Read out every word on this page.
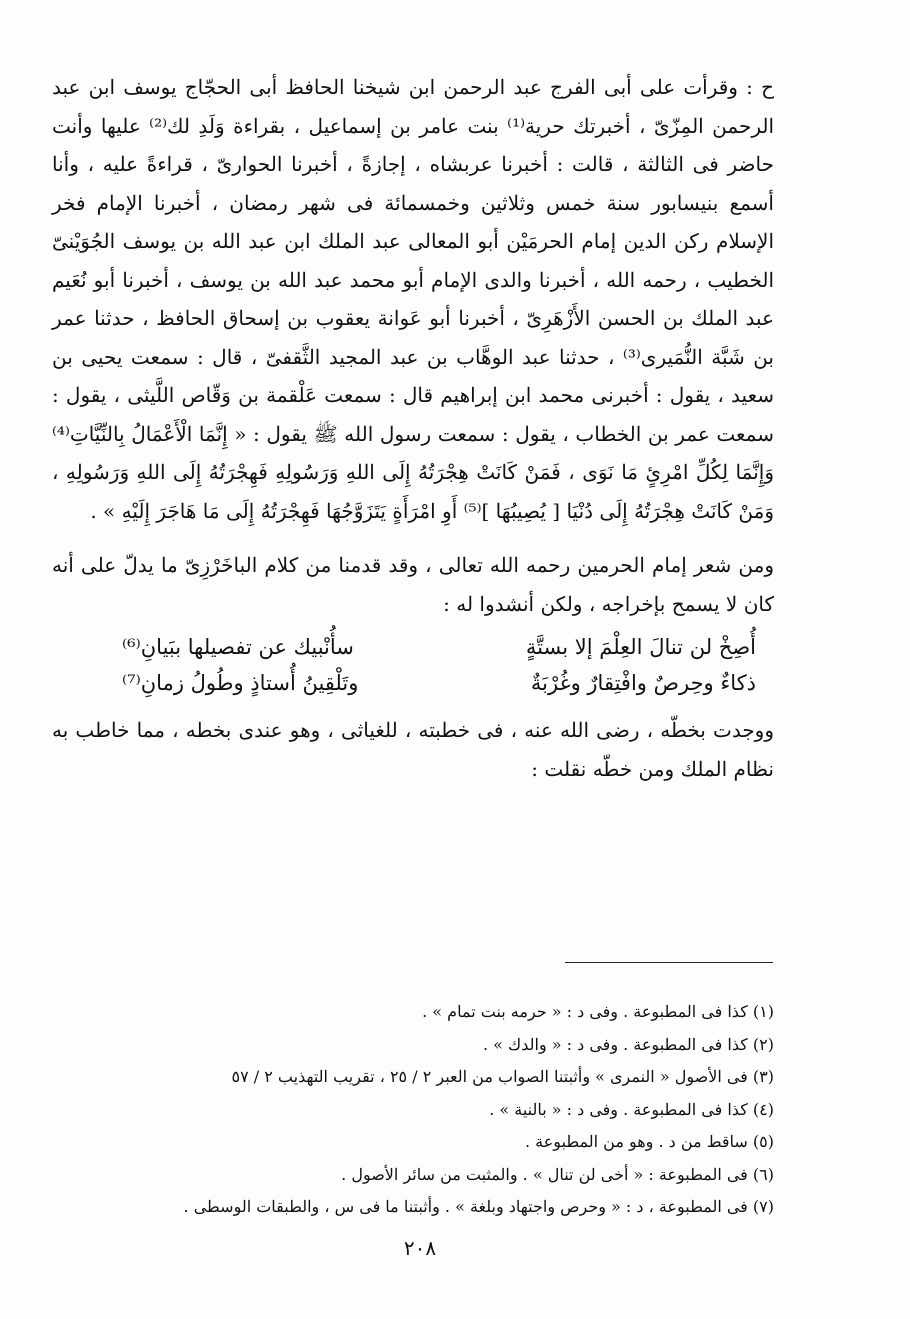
ح : وقرأت على أبى الفرج عبد الرحمن ابن شيخنا الحافظ أبى الحجّاج يوسف ابن عبد الرحمن المِزّىّ ، أخبرتك حرية⁽¹⁾ بنت عامر بن إسماعيل ، بقراءة وَلَدِ لك⁽²⁾ عليها وأنت حاضر فى الثالثة ، قالت : أخبرنا عربشاه ، إجازةً ، أخبرنا الحوارىّ ، قراءةً عليه ، وأنا أسمع بنيسابور سنة خمس وثلاثين وخمسمائة فى شهر رمضان ، أخبرنا الإمام فخر الإسلام ركن الدين إمام الحرمَيْن أبو المعالى عبد الملك ابن عبد الله بن يوسف الجُوَيْنىّ الخطيب ، رحمه الله ، أخبرنا والدى الإمام أبو محمد عبد الله بن يوسف ، أخبرنا أبو نُعَيم عبد الملك بن الحسن الأَزْهَرِىّ ، أخبرنا أبو عَوانة يعقوب بن إسحاق الحافظ ، حدثنا عمر بن شَبَّة النُّمَيرى⁽³⁾ ، حدثنا عبد الوهَّاب بن عبد المجيد الثَّقفىّ ، قال : سمعت يحيى بن سعيد ، يقول : أخبرنى محمد ابن إبراهيم قال : سمعت عَلْقمة بن وَقّاص اللَّيثى ، يقول : سمعت عمر بن الخطاب ، يقول : سمعت رسول الله ﷺ يقول : « إِنَّمَا الْأَعْمَالُ بِالنِّيَّاتِ⁽⁴⁾ وَإِنَّمَا لِكُلِّ امْرِئٍ مَا نَوَى ، فَمَنْ كَانَتْ هِجْرَتُهُ إِلَى اللهِ وَرَسُولِهِ فَهِجْرَتُهُ إِلَى اللهِ وَرَسُولِهِ ، وَمَنْ كَانَتْ هِجْرَتُهُ إِلَى دُنْيَا [ يُصِيبُهَا ]⁽⁵⁾ أَوِ امْرَأَةٍ يَتَزَوَّجُهَا فَهِجْرَتُهُ إِلَى مَا هَاجَرَ إِلَيْهِ » .

ومن شعر إمام الحرمين رحمه الله تعالى ، وقد قدمنا من كلام الباخَرْزِىّ ما يدلّ على أنه كان لا يسمح بإخراجه ، ولكن أنشدوا له :

أُصِخْ لن تنالَ العِلْمَ إلا بستَّةٍ
سأُنْبيك عن تفصيلها ببَيانِ⁽⁶⁾
ذكاءٌ وحِرصٌ وافْتِقارٌ وغُرْبَةٌ
وتَلْقِينُ أُستاذٍ وطُولُ زمانِ⁽⁷⁾

ووجدت بخطّه ، رضى الله عنه ، فى خطبته ، للغياثى ، وهو عندى بخطه ، مما خاطب به نظام الملك ومن خطّه نقلت :

(١) كذا فى المطبوعة . وفى د : « حرمه بنت تمام » .
(٢) كذا فى المطبوعة . وفى د : « والدك » .
(٣) فى الأصول « النمرى » وأثبتنا الصواب من العبر ٢ / ٢٥ ، تقريب التهذيب ٢ / ٥٧
(٤) كذا فى المطبوعة . وفى د : « بالنية » .
(٥) ساقط من د . وهو من المطبوعة .
(٦) فى المطبوعة : « أخى لن تنال » . والمثبت من سائر الأصول .
(٧) فى المطبوعة ، د : « وحرص واجتهاد وبلغة » . وأثبتنا ما فى س ، والطبقات الوسطى .
٢٠٨
